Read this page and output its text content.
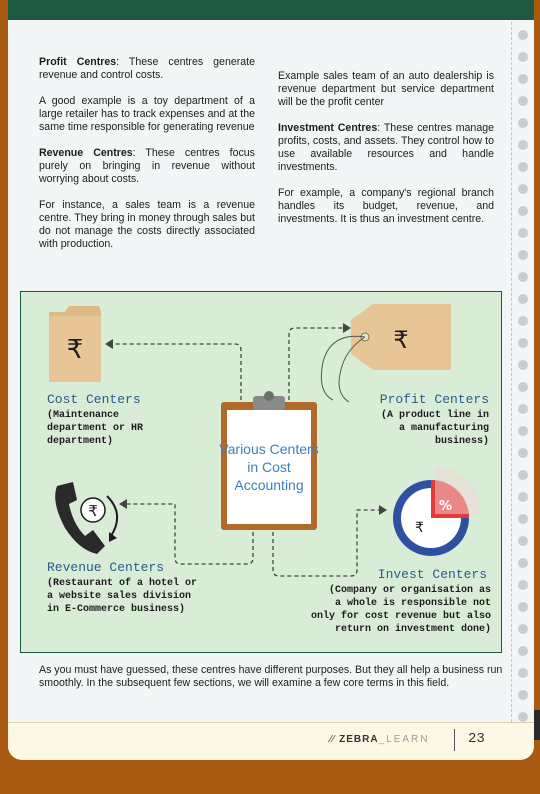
Profit Centres: These centres generate revenue and control costs.

A good example is a toy department of a large retailer has to track expenses and at the same time responsible for generating revenue

Revenue Centres: These centres focus purely on bringing in revenue without worrying about costs.

For instance, a sales team is a revenue centre. They bring in money through sales but do not manage the costs directly associated with production.

Example sales team of an auto dealership is revenue department but service department will be the profit center

Investment Centres: These centres manage profits, costs, and assets. They control how to use available resources and handle investments.

For example, a company's regional branch handles its budget, revenue, and investments. It is thus an investment centre.

As you must have guessed, these centres have different purposes. But they all help a business run smoothly. In the subsequent few sections, we will examine a few core terms in this field.
∕∕ ZEBRA_LEARN	23
₹	₹
₹	%
₹
Cost Centers
(Maintenance
department or HR
department)
Profit Centers
(A product line in
a manufacturing
business)
Various Centers in Cost Accounting
Revenue Centers
(Restaurant of a hotel or
a website sales division
in E-Commerce business)
Invest Centers
(Company or organisation as
a whole is responsible not
only for cost revenue but also
return on investment done)
